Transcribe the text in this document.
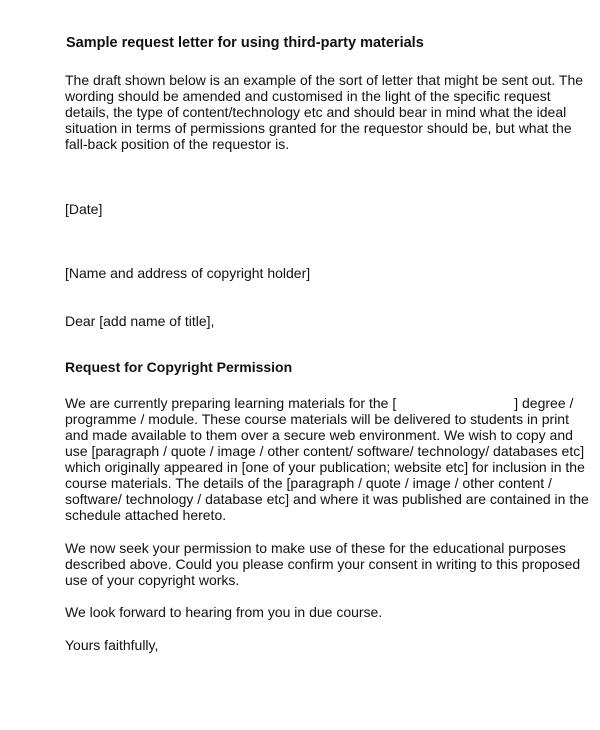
Sample request letter for using third-party materials

The draft shown below is an example of the sort of letter that might be sent out. The

wording should be amended and customised in the light of the specific request

details, the type of content/technology etc and should bear in mind what the ideal

situation in terms of permissions granted for the requestor should be, but what the

fall-back position of the requestor is.

[Date]

[Name and address of copyright holder]

Dear [add name of title],

Request for Copyright Permission

We are currently preparing learning materials for the [	] degree /

programme / module. These course materials will be delivered to students in print

and made available to them over a secure web environment. We wish to copy and

use [paragraph / quote / image / other content/ software/ technology/ databases etc]

which originally appeared in [one of your publication; website etc] for inclusion in the

course materials. The details of the [paragraph / quote / image / other content /

software/ technology / database etc] and where it was published are contained in the

schedule attached hereto.

We now seek your permission to make use of these for the educational purposes

described above. Could you please confirm your consent in writing to this proposed

use of your copyright works.

We look forward to hearing from you in due course.

Yours faithfully,
